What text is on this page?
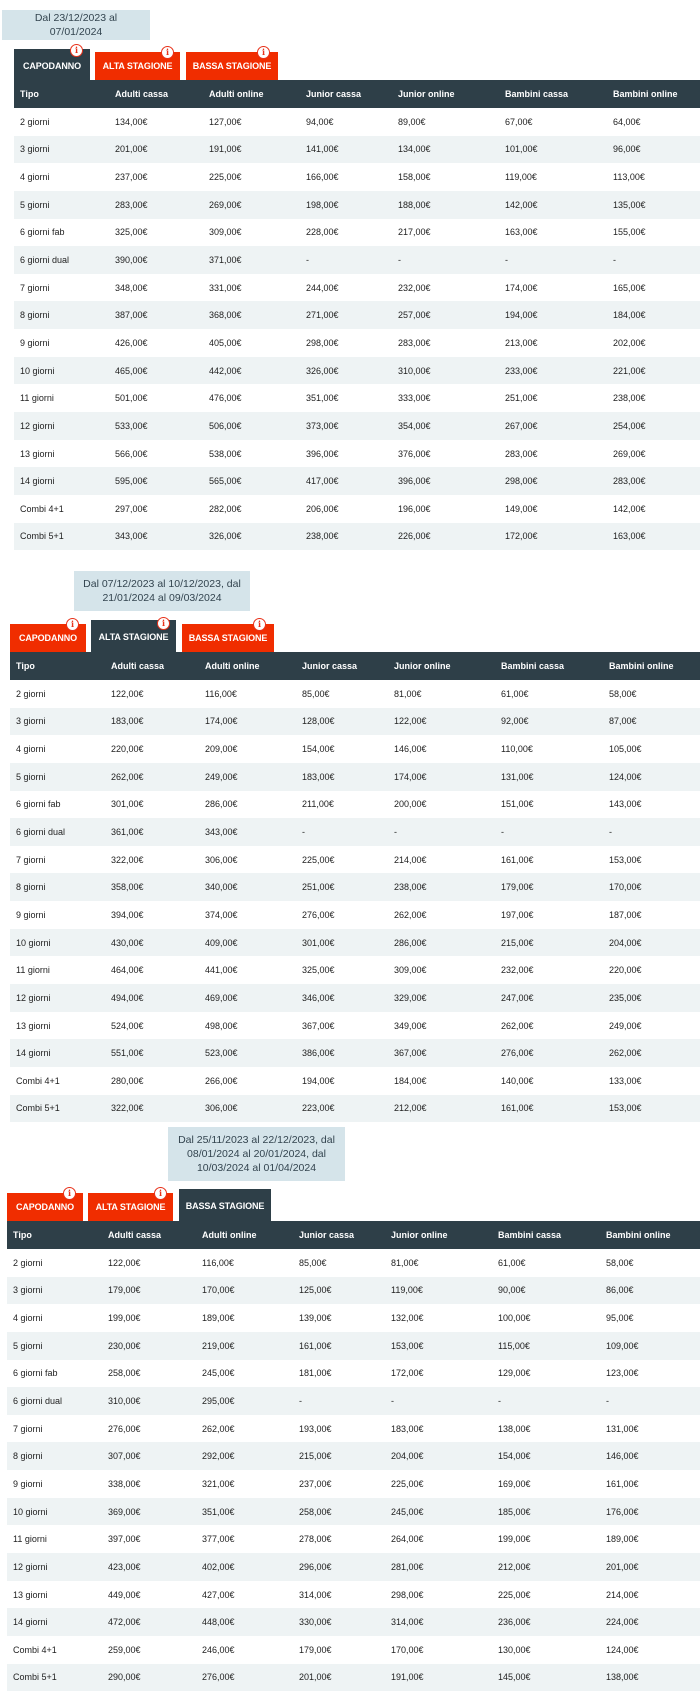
Dal 23/12/2023 al 07/01/2024
CAPODANNO
i
ALTA STAGIONE
i
BASSA STAGIONE
i
Tipo	Adulti cassa	Adulti online	Junior cassa	Junior online	Bambini cassa	Bambini online
2 giorni	134,00€	127,00€	94,00€	89,00€	67,00€	64,00€
3 giorni	201,00€	191,00€	141,00€	134,00€	101,00€	96,00€
4 giorni	237,00€	225,00€	166,00€	158,00€	119,00€	113,00€
5 giorni	283,00€	269,00€	198,00€	188,00€	142,00€	135,00€
6 giorni fab	325,00€	309,00€	228,00€	217,00€	163,00€	155,00€
6 giorni dual	390,00€	371,00€	-	-	-	-
7 giorni	348,00€	331,00€	244,00€	232,00€	174,00€	165,00€
8 giorni	387,00€	368,00€	271,00€	257,00€	194,00€	184,00€
9 giorni	426,00€	405,00€	298,00€	283,00€	213,00€	202,00€
10 giorni	465,00€	442,00€	326,00€	310,00€	233,00€	221,00€
11 giorni	501,00€	476,00€	351,00€	333,00€	251,00€	238,00€
12 giorni	533,00€	506,00€	373,00€	354,00€	267,00€	254,00€
13 giorni	566,00€	538,00€	396,00€	376,00€	283,00€	269,00€
14 giorni	595,00€	565,00€	417,00€	396,00€	298,00€	283,00€
Combi 4+1	297,00€	282,00€	206,00€	196,00€	149,00€	142,00€
Combi 5+1	343,00€	326,00€	238,00€	226,00€	172,00€	163,00€
Dal 07/12/2023 al 10/12/2023, dal 21/01/2024 al 09/03/2024
CAPODANNO
i
ALTA STAGIONE
i
BASSA STAGIONE
i
Tipo	Adulti cassa	Adulti online	Junior cassa	Junior online	Bambini cassa	Bambini online
2 giorni	122,00€	116,00€	85,00€	81,00€	61,00€	58,00€
3 giorni	183,00€	174,00€	128,00€	122,00€	92,00€	87,00€
4 giorni	220,00€	209,00€	154,00€	146,00€	110,00€	105,00€
5 giorni	262,00€	249,00€	183,00€	174,00€	131,00€	124,00€
6 giorni fab	301,00€	286,00€	211,00€	200,00€	151,00€	143,00€
6 giorni dual	361,00€	343,00€	-	-	-	-
7 giorni	322,00€	306,00€	225,00€	214,00€	161,00€	153,00€
8 giorni	358,00€	340,00€	251,00€	238,00€	179,00€	170,00€
9 giorni	394,00€	374,00€	276,00€	262,00€	197,00€	187,00€
10 giorni	430,00€	409,00€	301,00€	286,00€	215,00€	204,00€
11 giorni	464,00€	441,00€	325,00€	309,00€	232,00€	220,00€
12 giorni	494,00€	469,00€	346,00€	329,00€	247,00€	235,00€
13 giorni	524,00€	498,00€	367,00€	349,00€	262,00€	249,00€
14 giorni	551,00€	523,00€	386,00€	367,00€	276,00€	262,00€
Combi 4+1	280,00€	266,00€	194,00€	184,00€	140,00€	133,00€
Combi 5+1	322,00€	306,00€	223,00€	212,00€	161,00€	153,00€
Dal 25/11/2023 al 22/12/2023, dal 08/01/2024 al 20/01/2024, dal 10/03/2024 al 01/04/2024
CAPODANNO
i
ALTA STAGIONE
i
BASSA STAGIONE
Tipo	Adulti cassa	Adulti online	Junior cassa	Junior online	Bambini cassa	Bambini online
2 giorni	122,00€	116,00€	85,00€	81,00€	61,00€	58,00€
3 giorni	179,00€	170,00€	125,00€	119,00€	90,00€	86,00€
4 giorni	199,00€	189,00€	139,00€	132,00€	100,00€	95,00€
5 giorni	230,00€	219,00€	161,00€	153,00€	115,00€	109,00€
6 giorni fab	258,00€	245,00€	181,00€	172,00€	129,00€	123,00€
6 giorni dual	310,00€	295,00€	-	-	-	-
7 giorni	276,00€	262,00€	193,00€	183,00€	138,00€	131,00€
8 giorni	307,00€	292,00€	215,00€	204,00€	154,00€	146,00€
9 giorni	338,00€	321,00€	237,00€	225,00€	169,00€	161,00€
10 giorni	369,00€	351,00€	258,00€	245,00€	185,00€	176,00€
11 giorni	397,00€	377,00€	278,00€	264,00€	199,00€	189,00€
12 giorni	423,00€	402,00€	296,00€	281,00€	212,00€	201,00€
13 giorni	449,00€	427,00€	314,00€	298,00€	225,00€	214,00€
14 giorni	472,00€	448,00€	330,00€	314,00€	236,00€	224,00€
Combi 4+1	259,00€	246,00€	179,00€	170,00€	130,00€	124,00€
Combi 5+1	290,00€	276,00€	201,00€	191,00€	145,00€	138,00€
